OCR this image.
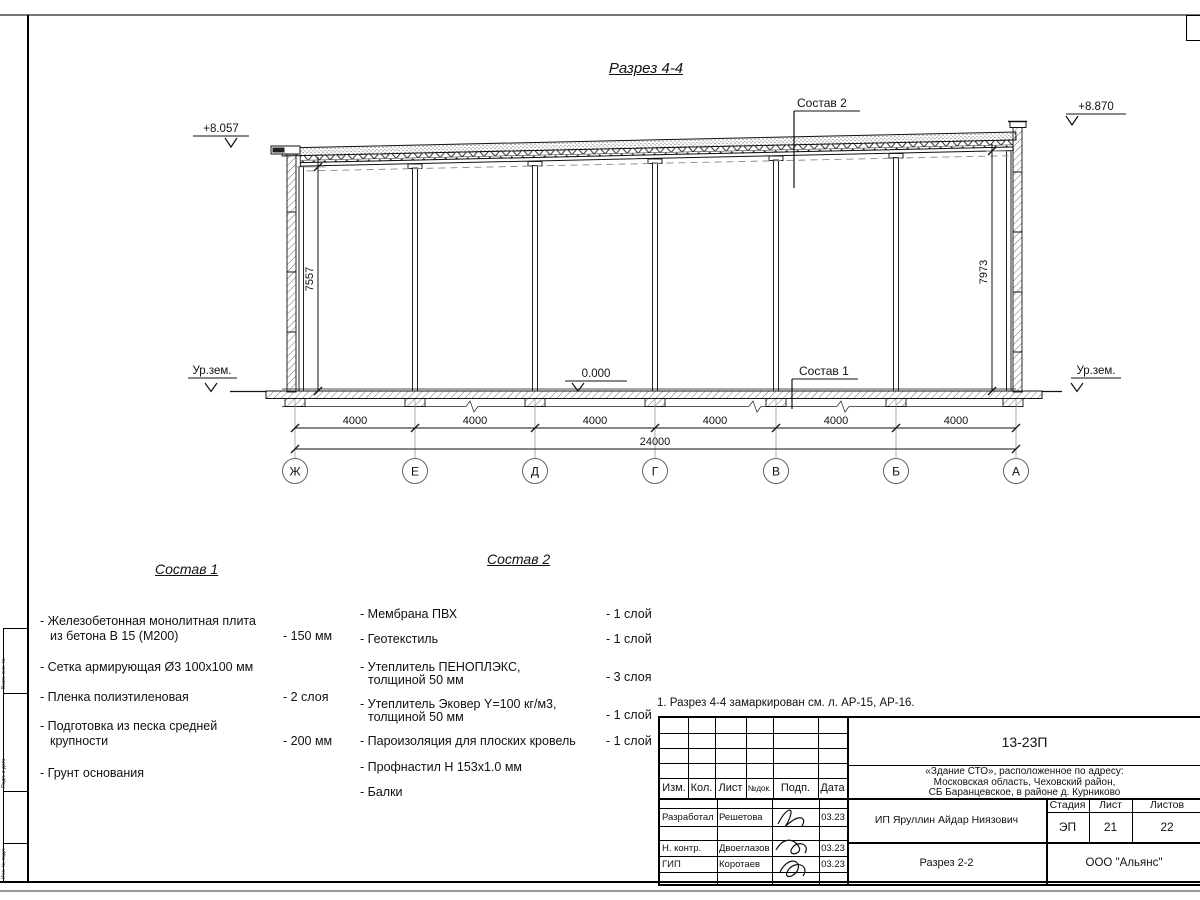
Взам. инв. №
Подп. и дата
Инв. № подл.
4000	4000	4000	4000	4000	4000
24000
Ж	Е	Д	Г	В	Б	А
7557	7973
+8.057
+8.870
0.000
Ур.зем.	Ур.зем.
Состав 2
Состав 1
Разрез 4-4
Состав 1
- Железобетонная монолитная плита
из бетона В 15 (М200)	- 150 мм
- Сетка армирующая Ø3 100х100 мм
- Пленка полиэтиленовая	- 2 слоя
- Подготовка из песка средней
крупности	- 200 мм
- Грунт основания
Состав 2
- Мембрана ПВХ	- 1 слой
- Геотекстиль	- 1 слой
- Утеплитель ПЕНОПЛЭКС,
толщиной 50 мм	- 3 слоя
- Утеплитель Эковер Y=100 кг/м3,
толщиной 50 мм	- 1 слой
- Пароизоляция для плоских кровель - 1 слой
- Профнастил Н 153х1.0 мм
- Балки
1. Разрез 4-4 замаркирован см. л. АР-15, АР-16.
Изм. Кол. Лист №док. Подп. Дата
Разработал Решетова	03.23
Н. контр.	Двоеглазов	03.23
ГИП	Коротаев	03.23
13-23П
«Здание СТО», расположенное по адресу:
Московская область, Чеховский район,
СБ Баранцевское, в районе д. Курниково
Стадия	Лист	Листов
ЭП	21	22
ИП Яруллин Айдар Ниязович
Разрез 2-2	ООО "Альянс"
